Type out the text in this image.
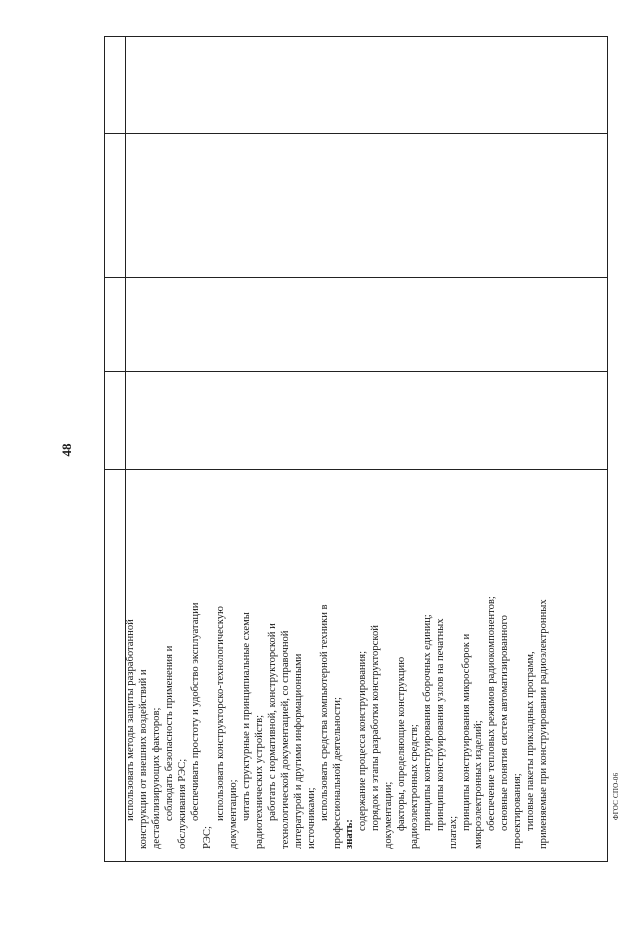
48
использовать методы защиты разработанной конструкции от внешних воздействий и дестабилизирующих факторов; соблюдать безопасность применения и обслуживания РЭС; обеспечивать простоту и удобство эксплуатации
РЭС;
использовать конструкторско-технологическую документацию; читать структурные и принципиальные схемы радиотехнических устройств; работать с нормативной, конструкторской и технологической документацией, со справочной литературой и другими информационными источниками; использовать средства компьютерной техники в профессиональной деятельности; знать:
содержание процесса конструирования; порядок и этапы разработки конструкторской документации; факторы, определяющие конструкцию радиоэлектронных средств; принципы конструирования сборочных единиц; принципы конструирования узлов на печатных
платах;
принципы конструирования микросборок и микроэлектронных изделий; обеспечение тепловых режимов радиокомпонентов; основные понятия систем автоматизированного проектирования; типовые пакеты прикладных программ, применяемые при конструировании радиоэлектронных	ФГОС СПО-06
